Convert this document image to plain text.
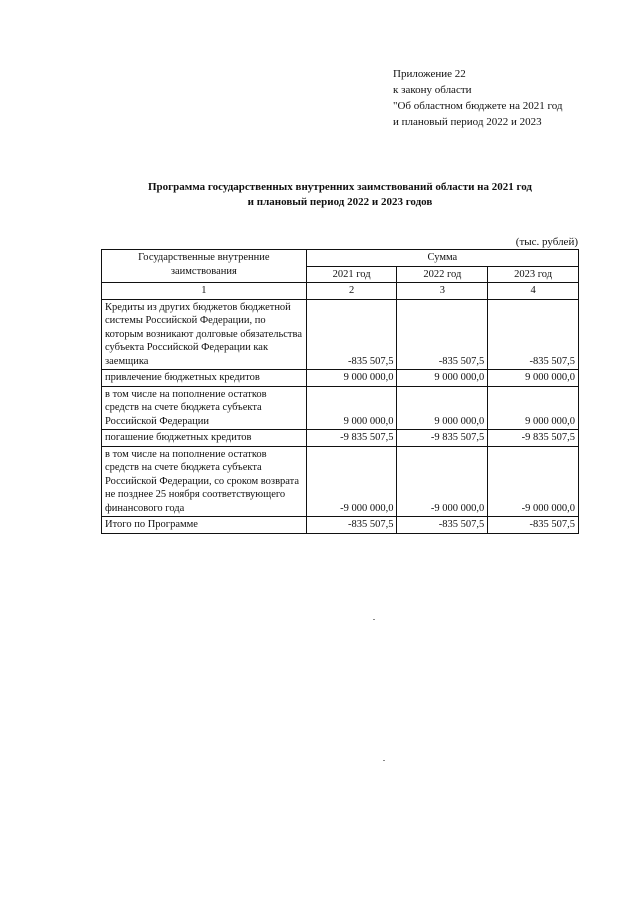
Приложение 22
к закону области
"Об областном бюджете на 2021 год
и плановый период 2022 и 2023
Программа государственных внутренних заимствований области на 2021 год
и плановый период 2022 и 2023 годов
(тыс. рублей)
Государственные внутренние заимствования	Сумма		
	2021 год	2022 год	2023 год
1	2	3	4
Кредиты из других бюджетов бюджетной системы Российской Федерации, по которым возникают долговые обязательства субъекта Российской Федерации как заемщика	-835 507,5	-835 507,5	-835 507,5
привлечение бюджетных кредитов	9 000 000,0	9 000 000,0	9 000 000,0
в том числе на пополнение остатков средств на счете бюджета субъекта Российской Федерации	9 000 000,0	9 000 000,0	9 000 000,0
погашение бюджетных кредитов	-9 835 507,5	-9 835 507,5	-9 835 507,5
в том числе на пополнение остатков средств на счете бюджета субъекта Российской Федерации, со сроком возврата не позднее 25 ноября соответствующего финансового года	-9 000 000,0	-9 000 000,0	-9 000 000,0
Итого по Программе	-835 507,5	-835 507,5	-835 507,5
